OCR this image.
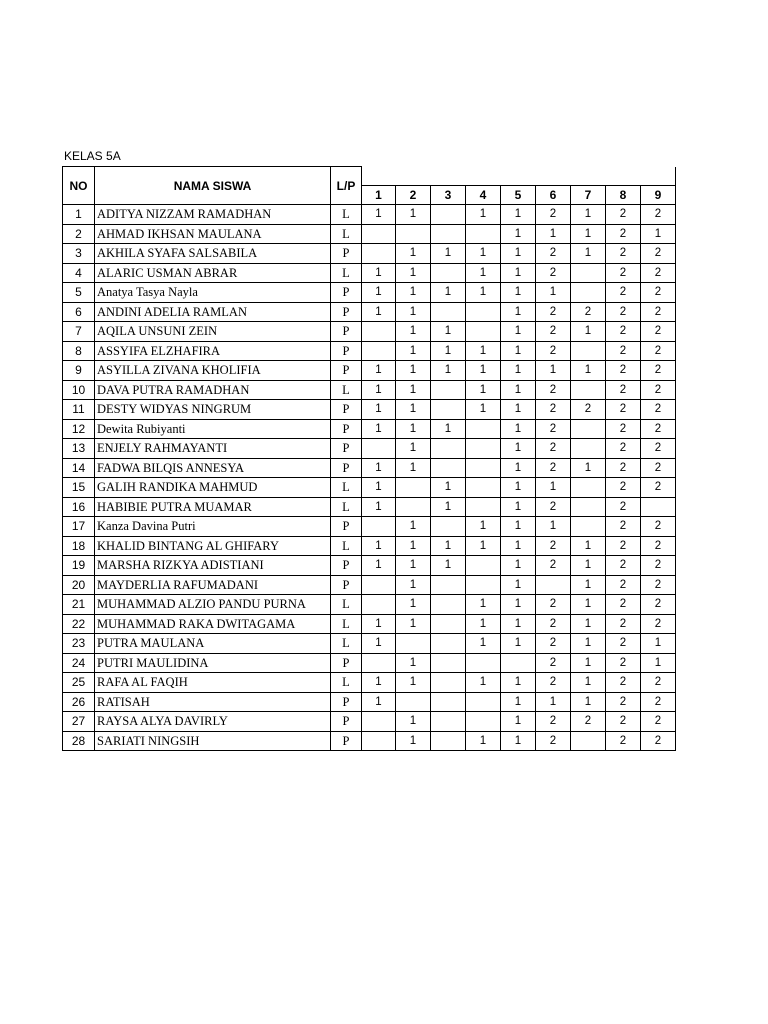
KELAS 5A
NO	NAMA SISWA	L/P									
			1	2	3	4	5	6	7	8	9
1	ADITYA NIZZAM RAMADHAN	L	1	1		1	1	2	1	2	2
2	AHMAD IKHSAN MAULANA	L					1	1	1	2	1
3	AKHILA SYAFA SALSABILA	P		1	1	1	1	2	1	2	2
4	ALARIC USMAN ABRAR	L	1	1		1	1	2		2	2
5	Anatya Tasya Nayla	P	1	1	1	1	1	1		2	2
6	ANDINI ADELIA RAMLAN	P	1	1			1	2	2	2	2
7	AQILA UNSUNI ZEIN	P		1	1		1	2	1	2	2
8	ASSYIFA ELZHAFIRA	P		1	1	1	1	2		2	2
9	ASYILLA ZIVANA KHOLIFIA	P	1	1	1	1	1	1	1	2	2
10	DAVA PUTRA RAMADHAN	L	1	1		1	1	2		2	2
11	DESTY WIDYAS NINGRUM	P	1	1		1	1	2	2	2	2
12	Dewita Rubiyanti	P	1	1	1		1	2		2	2
13	ENJELY RAHMAYANTI	P		1			1	2		2	2
14	FADWA BILQIS ANNESYA	P	1	1			1	2	1	2	2
15	GALIH RANDIKA MAHMUD	L	1		1		1	1		2	2
16	HABIBIE PUTRA MUAMAR	L	1		1		1	2		2	
17	Kanza Davina Putri	P		1		1	1	1		2	2
18	KHALID BINTANG AL GHIFARY	L	1	1	1	1	1	2	1	2	2
19	MARSHA RIZKYA ADISTIANI	P	1	1	1		1	2	1	2	2
20	MAYDERLIA RAFUMADANI	P		1			1		1	2	2
21	MUHAMMAD ALZIO PANDU PURNA	L		1		1	1	2	1	2	2
22	MUHAMMAD RAKA DWITAGAMA	L	1	1		1	1	2	1	2	2
23	PUTRA MAULANA	L	1			1	1	2	1	2	1
24	PUTRI MAULIDINA	P		1				2	1	2	1
25	RAFA AL FAQIH	L	1	1		1	1	2	1	2	2
26	RATISAH	P	1				1	1	1	2	2
27	RAYSA ALYA DAVIRLY	P		1			1	2	2	2	2
28	SARIATI NINGSIH	P		1		1	1	2		2	2
